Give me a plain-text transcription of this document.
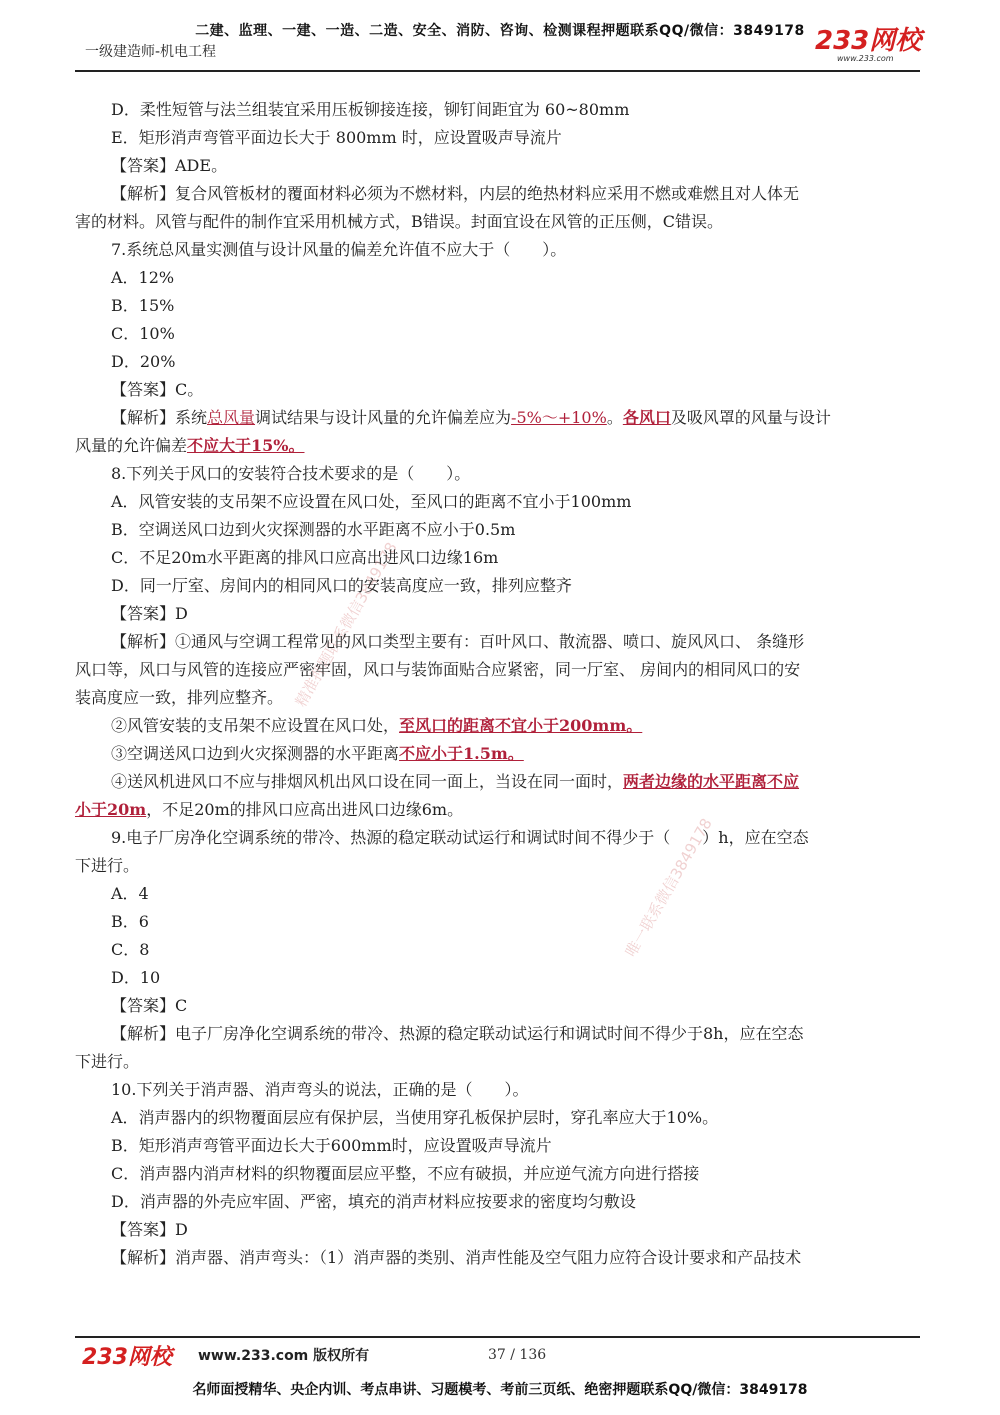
二建、监理、一建、一造、二造、安全、消防、咨询、检测课程押题联系QQ/微信：3849178
一级建造师-机电工程	233网校
www.233.com
精准押题联系微信3849178
唯一联系微信3849178
D．柔性短管与法兰组装宜采用压板铆接连接，铆钉间距宜为 60~80mm
E．矩形消声弯管平面边长大于 800mm 时，应设置吸声导流片
【答案】ADE。
【解析】复合风管板材的覆面材料必须为不燃材料，内层的绝热材料应采用不燃或难燃且对人体无
害的材料。风管与配件的制作宜采用机械方式，B错误。封面宜设在风管的正压侧，C错误。
7.系统总风量实测值与设计风量的偏差允许值不应大于（　　）。
A．12%
B．15%
C．10%
D．20%
【答案】C。
【解析】系统总风量调试结果与设计风量的允许偏差应为-5%～+10%。各风口及吸风罩的风量与设计
风量的允许偏差不应大于15%。
8.下列关于风口的安装符合技术要求的是（　　）。
A．风管安装的支吊架不应设置在风口处，至风口的距离不宜小于100mm
B．空调送风口边到火灾探测器的水平距离不应小于0.5m
C．不足20m水平距离的排风口应高出进风口边缘16m
D．同一厅室、房间内的相同风口的安装高度应一致，排列应整齐
【答案】D
【解析】①通风与空调工程常见的风口类型主要有：百叶风口、散流器、喷口、旋风风口、 条缝形
风口等，风口与风管的连接应严密牢固，风口与装饰面贴合应紧密，同一厅室、 房间内的相同风口的安
装高度应一致，排列应整齐。
②风管安装的支吊架不应设置在风口处，至风口的距离不宜小于200mm。
③空调送风口边到火灾探测器的水平距离不应小于1.5m。
④送风机进风口不应与排烟风机出风口设在同一面上，当设在同一面时，两者边缘的水平距离不应
小于20m，不足20m的排风口应高出进风口边缘6m。
9.电子厂房净化空调系统的带冷、热源的稳定联动试运行和调试时间不得少于（　　）h，应在空态
下进行。
A．4
B．6
C．8
D．10
【答案】C
【解析】电子厂房净化空调系统的带冷、热源的稳定联动试运行和调试时间不得少于8h，应在空态
下进行。
10.下列关于消声器、消声弯头的说法，正确的是（　　）。
A．消声器内的织物覆面层应有保护层，当使用穿孔板保护层时，穿孔率应大于10%。
B．矩形消声弯管平面边长大于600mm时，应设置吸声导流片
C．消声器内消声材料的织物覆面层应平整，不应有破损，并应逆气流方向进行搭接
D．消声器的外壳应牢固、严密，填充的消声材料应按要求的密度均匀敷设
【答案】D
【解析】消声器、消声弯头：（1）消声器的类别、消声性能及空气阻力应符合设计要求和产品技术
233网校 www.233.com 版权所有	37 / 136
名师面授精华、央企内训、考点串讲、习题模考、考前三页纸、绝密押题联系QQ/微信：3849178
